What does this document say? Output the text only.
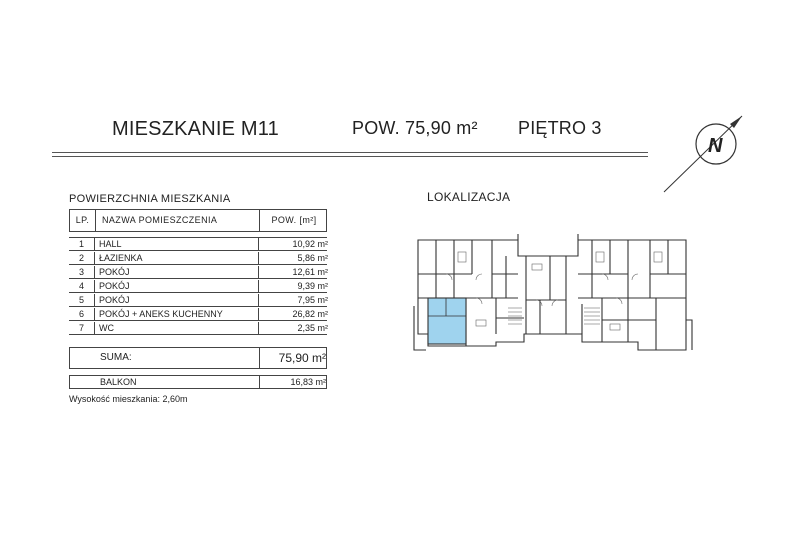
MIESZKANIE M11	POW. 75,90 m² PIĘTRO 3
N
POWIERZCHNIA MIESZKANIA
LP.	NAZWA POMIESZCZENIA	POW. [m²]
1	HALL	10,92 m²
2	ŁAZIENKA	5,86 m²
3	POKÓJ	12,61 m²
4	POKÓJ	9,39 m²
5	POKÓJ	7,95 m²
6	POKÓJ + ANEKS KUCHENNY	26,82 m²
7	WC	2,35 m²
SUMA:	75,90 m²
BALKON	16,83 m²
Wysokość mieszkania: 2,60m
LOKALIZACJA
